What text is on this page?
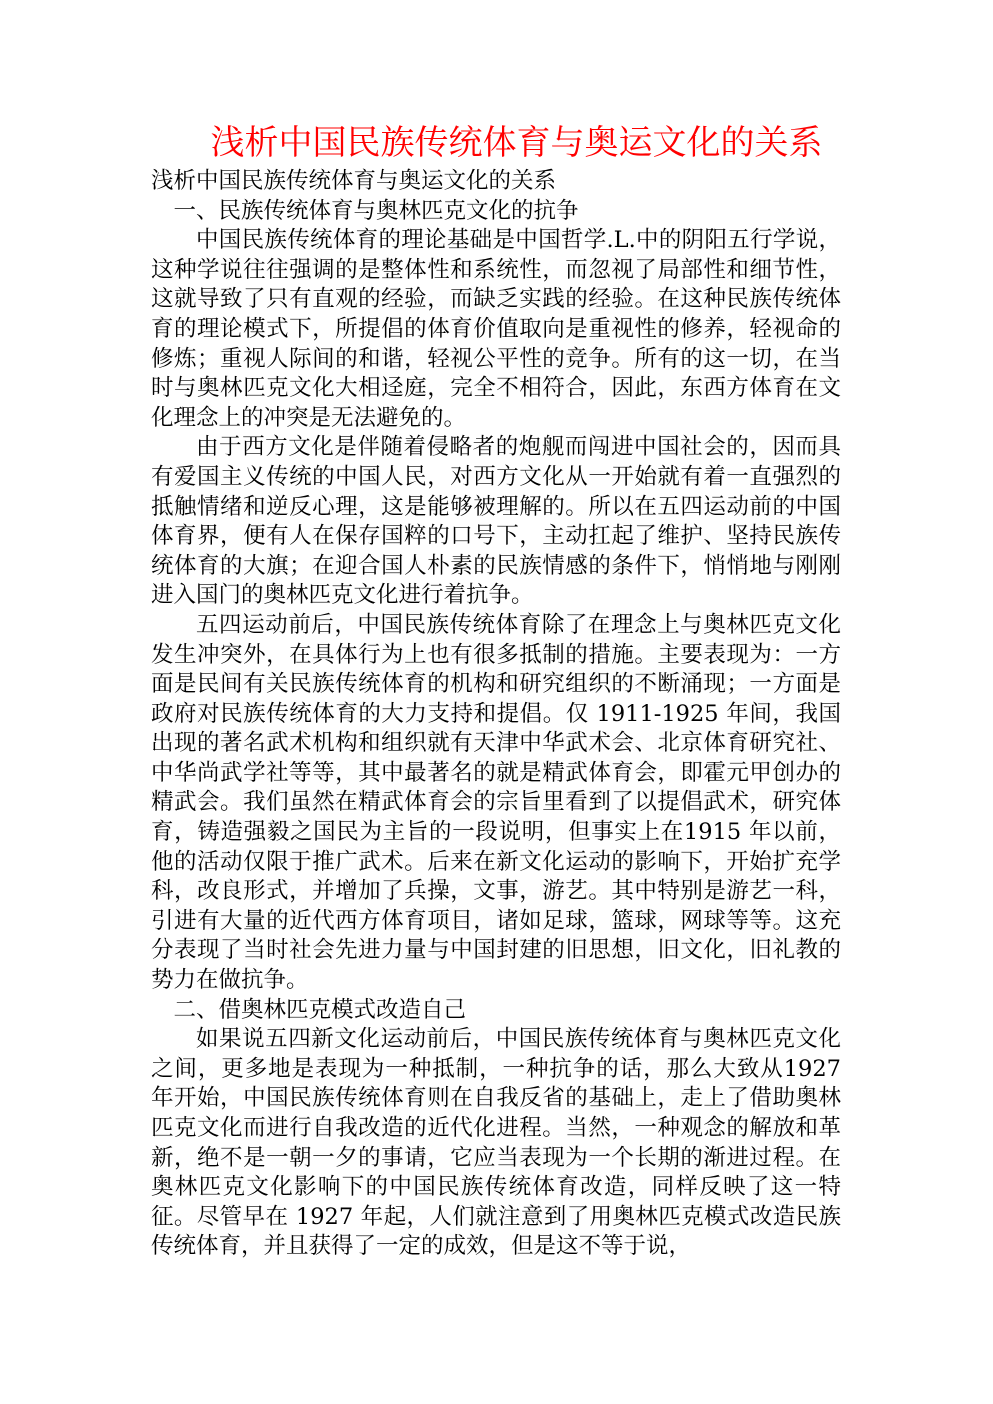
浅析中国民族传统体育与奥运文化的关系

浅析中国民族传统体育与奥运文化的关系

一、民族传统体育与奥林匹克文化的抗争

中国民族传统体育的理论基础是中国哲学.L.中的阴阳五行学说，这种学说往往强调的是整体性和系统性，而忽视了局部性和细节性，这就导致了只有直观的经验，而缺乏实践的经验。在这种民族传统体育的理论模式下，所提倡的体育价值取向是重视性的修养，轻视命的修炼；重视人际间的和谐，轻视公平性的竞争。所有的这一切，在当时与奥林匹克文化大相迳庭，完全不相符合，因此，东西方体育在文化理念上的冲突是无法避免的。

由于西方文化是伴随着侵略者的炮舰而闯进中国社会的，因而具有爱国主义传统的中国人民，对西方文化从一开始就有着一直强烈的抵触情绪和逆反心理，这是能够被理解的。所以在五四运动前的中国体育界，便有人在保存国粹的口号下，主动扛起了维护、坚持民族传统体育的大旗；在迎合国人朴素的民族情感的条件下，悄悄地与刚刚进入国门的奥林匹克文化进行着抗争。

五四运动前后，中国民族传统体育除了在理念上与奥林匹克文化发生冲突外，在具体行为上也有很多抵制的措施。主要表现为：一方面是民间有关民族传统体育的机构和研究组织的不断涌现；一方面是政府对民族传统体育的大力支持和提倡。仅 1911-1925 年间，我国出现的著名武术机构和组织就有天津中华武术会、北京体育研究社、中华尚武学社等等，其中最著名的就是精武体育会，即霍元甲创办的精武会。我们虽然在精武体育会的宗旨里看到了以提倡武术，研究体育，铸造强毅之国民为主旨的一段说明，但事实上在1915 年以前，他的活动仅限于推广武术。后来在新文化运动的影响下，开始扩充学科，改良形式，并增加了兵操，文事，游艺。其中特别是游艺一科，引进有大量的近代西方体育项目，诸如足球，篮球，网球等等。这充分表现了当时社会先进力量与中国封建的旧思想，旧文化，旧礼教的势力在做抗争。

二、借奥林匹克模式改造自己

如果说五四新文化运动前后，中国民族传统体育与奥林匹克文化之间，更多地是表现为一种抵制，一种抗争的话，那么大致从1927 年开始，中国民族传统体育则在自我反省的基础上，走上了借助奥林匹克文化而进行自我改造的近代化进程。当然，一种观念的解放和革新，绝不是一朝一夕的事请，它应当表现为一个长期的渐进过程。在奥林匹克文化影响下的中国民族传统体育改造，同样反映了这一特征。尽管早在 1927 年起，人们就注意到了用奥林匹克模式改造民族传统体育，并且获得了一定的成效，但是这不等于说，
